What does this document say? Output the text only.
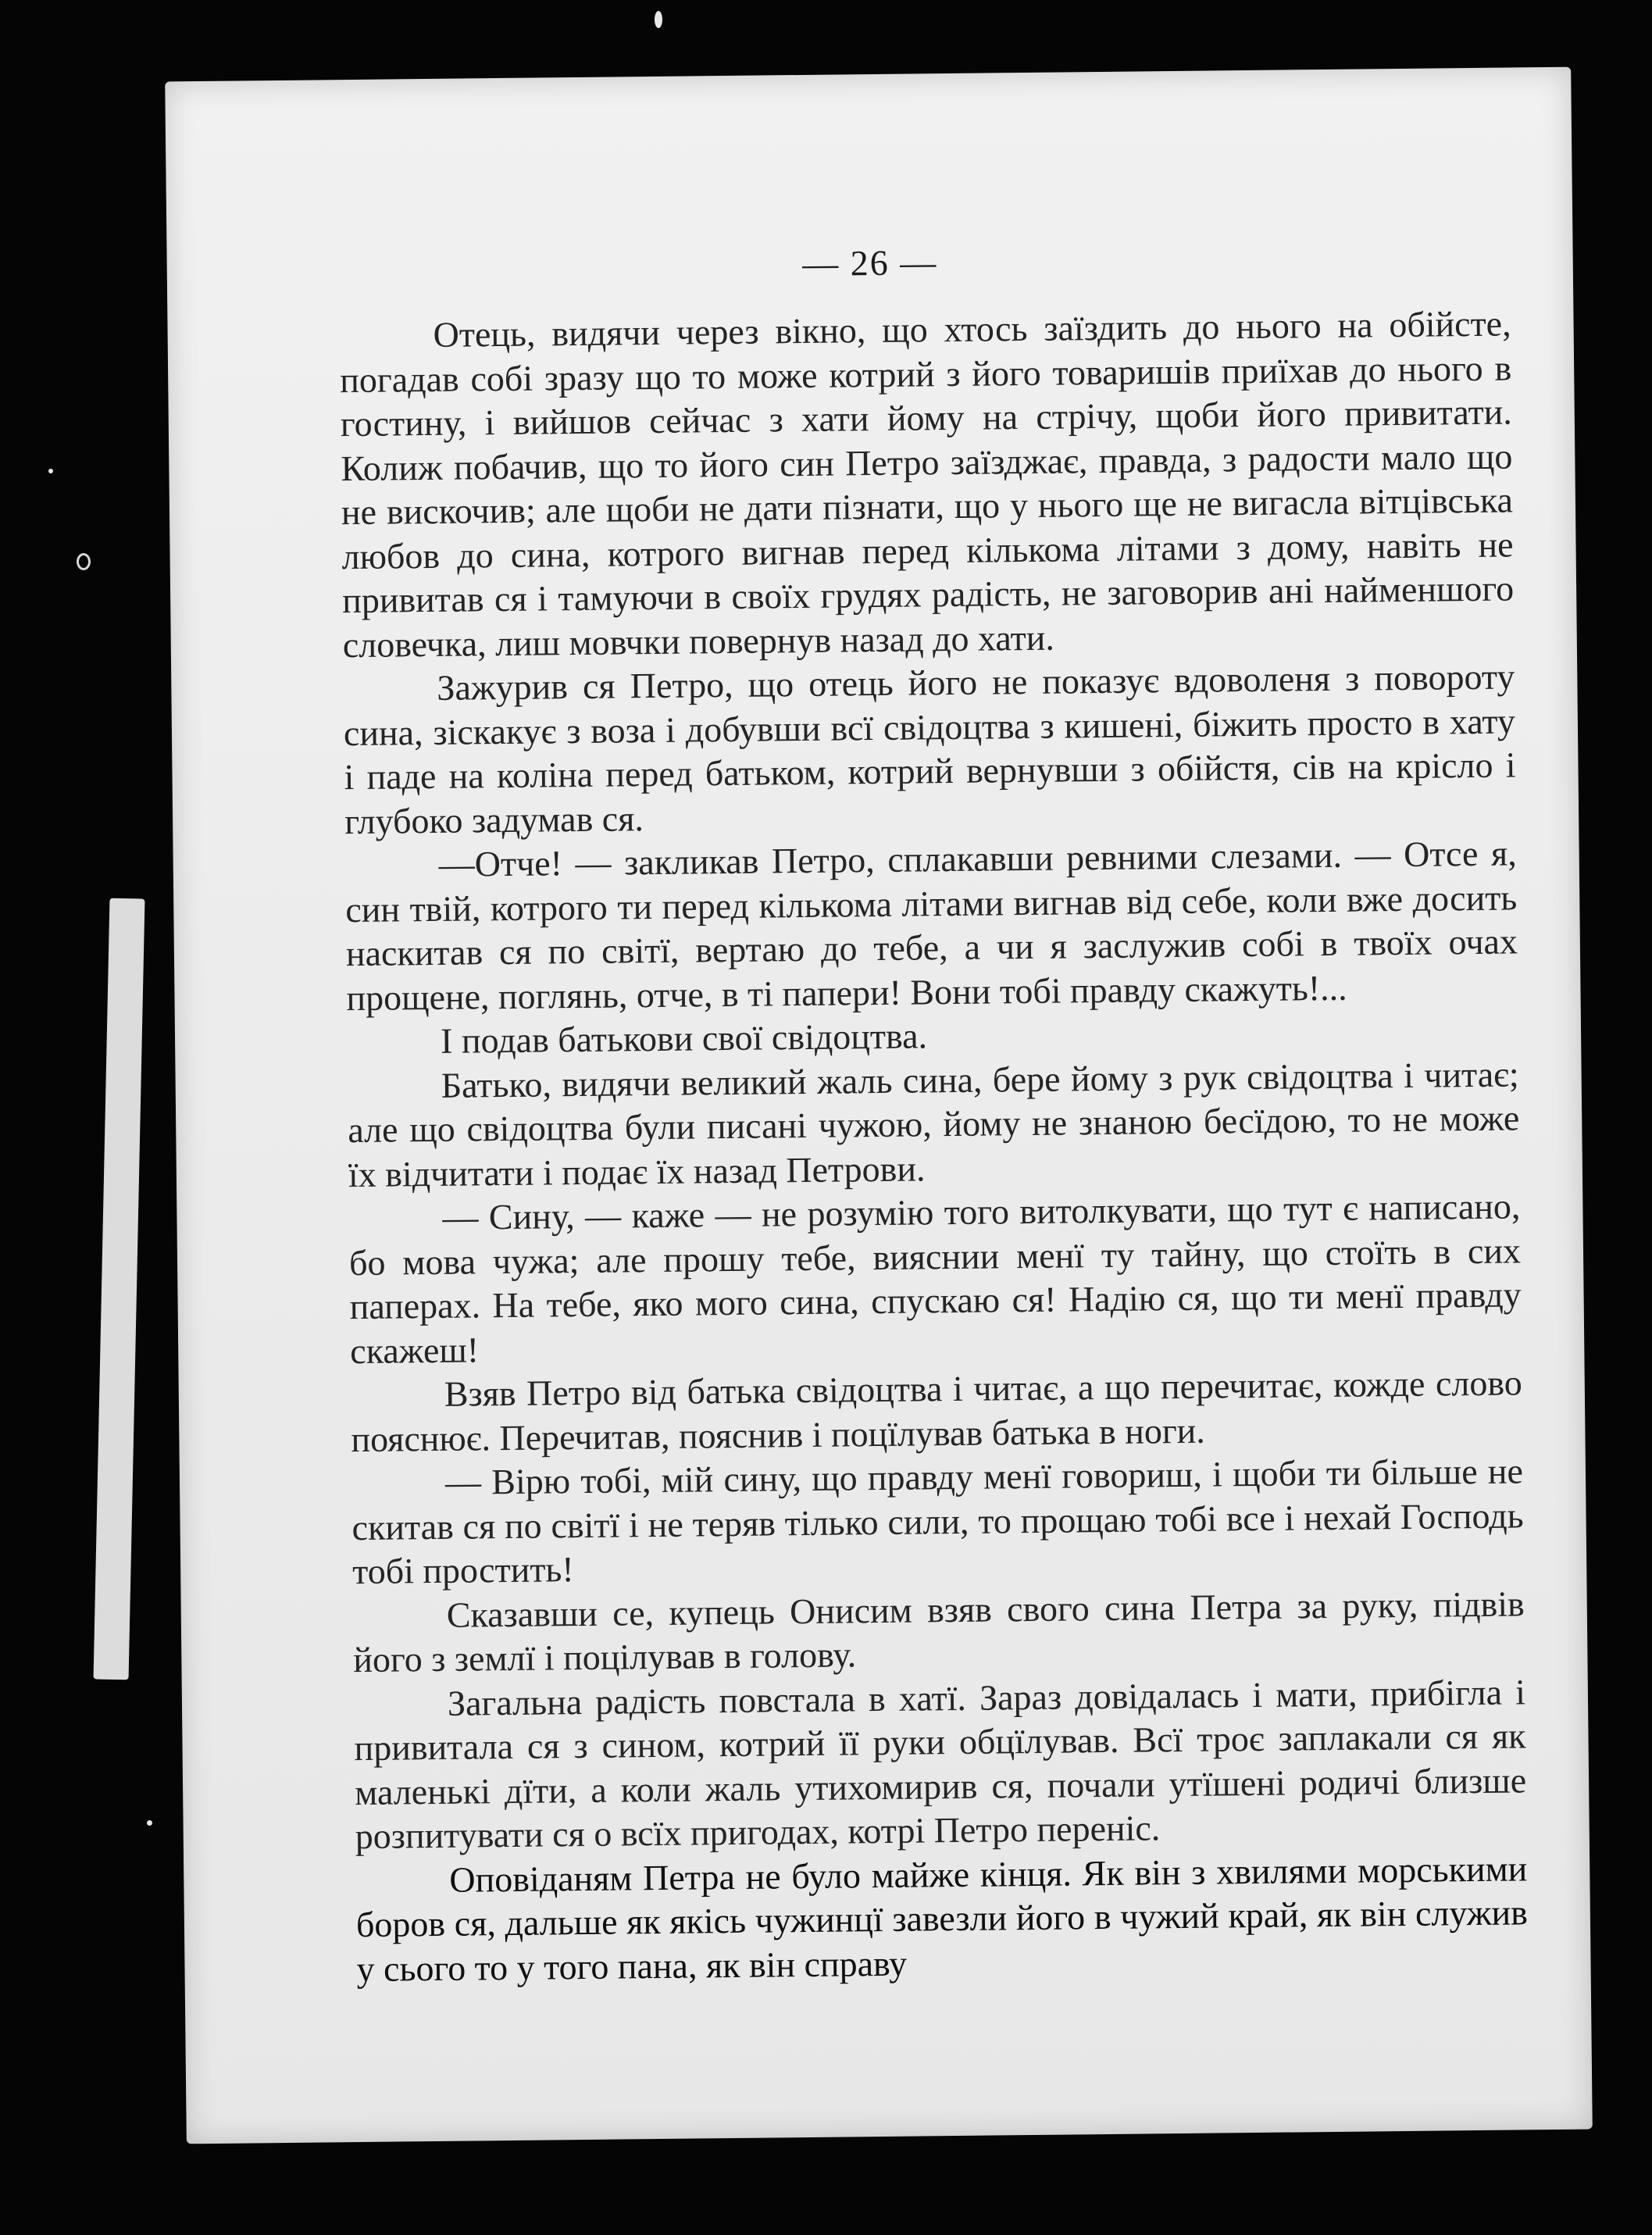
— 26 —

Отець, видячи через вікно, що хтось заїздить до нього на обійсте, погадав собі зразу що то може котрий з його товаришів приїхав до нього в гостину, і вийшов сейчас з хати йому на стрічу, щоби його привитати. Колиж побачив, що то його син Петро заїзджає, правда, з радости мало що не вискочив; але щоби не дати пізнати, що у нього ще не вигасла вітцівська любов до сина, котрого вигнав перед кількома літами з дому, навіть не привитав ся і тамуючи в своїх грудях радість, не заговорив ані найменшого словечка, лиш мовчки повернув назад до хати.

Зажурив ся Петро, що отець його не показує вдоволеня з повороту сина, зіскакує з воза і добувши всї свідоцтва з кишені, біжить просто в хату і паде на коліна перед батьком, котрий вернувши з обійстя, сів на крісло і глубоко задумав ся.

—Отче! — закликав Петро, сплакавши ревними слезами. — Отсе я, син твій, котрого ти перед кількома літами вигнав від себе, коли вже досить наскитав ся по світї, вертаю до тебе, а чи я заслужив собі в твоїх очах прощене, поглянь, отче, в ті папери! Вони тобі правду скажуть!...

І подав батькови свої свідоцтва.

Батько, видячи великий жаль сина, бере йому з рук свідоцтва і читає; але що свідоцтва були писані чужою, йому не знаною бесїдою, то не може їх відчитати і подає їх назад Петрови.

— Сину, — каже — не розумію того витолкувати, що тут є написано, бо мова чужа; але прошу тебе, вияснии менї ту тайну, що стоїть в сих паперах. На тебе, яко мого сина, спускаю ся! Надію ся, що ти менї правду скажеш!

Взяв Петро від батька свідоцтва і читає, а що перечитає, кожде слово пояснює. Перечитав, пояснив і поцїлував батька в ноги.

— Вірю тобі, мій сину, що правду менї говориш, і щоби ти більше не скитав ся по світї і не теряв тілько сили, то прощаю тобі все і нехай Господь тобі простить!

Сказавши се, купець Онисим взяв свого сина Петра за руку, підвів його з землї і поцілував в голову.

Загальна радість повстала в хатї. Зараз довідалась і мати, прибігла і привитала ся з сином, котрий її руки обцїлував. Всї троє заплакали ся як маленькі дїти, а коли жаль утихомирив ся, почали утїшені родичі близше розпитувати ся о всїх пригодах, котрі Петро переніс.

Оповіданям Петра не було майже кінця. Як він з хвилями морськими боров ся, дальше як якісь чужинцї завезли його в чужий край, як він служив у сього то у того пана, як він справу
